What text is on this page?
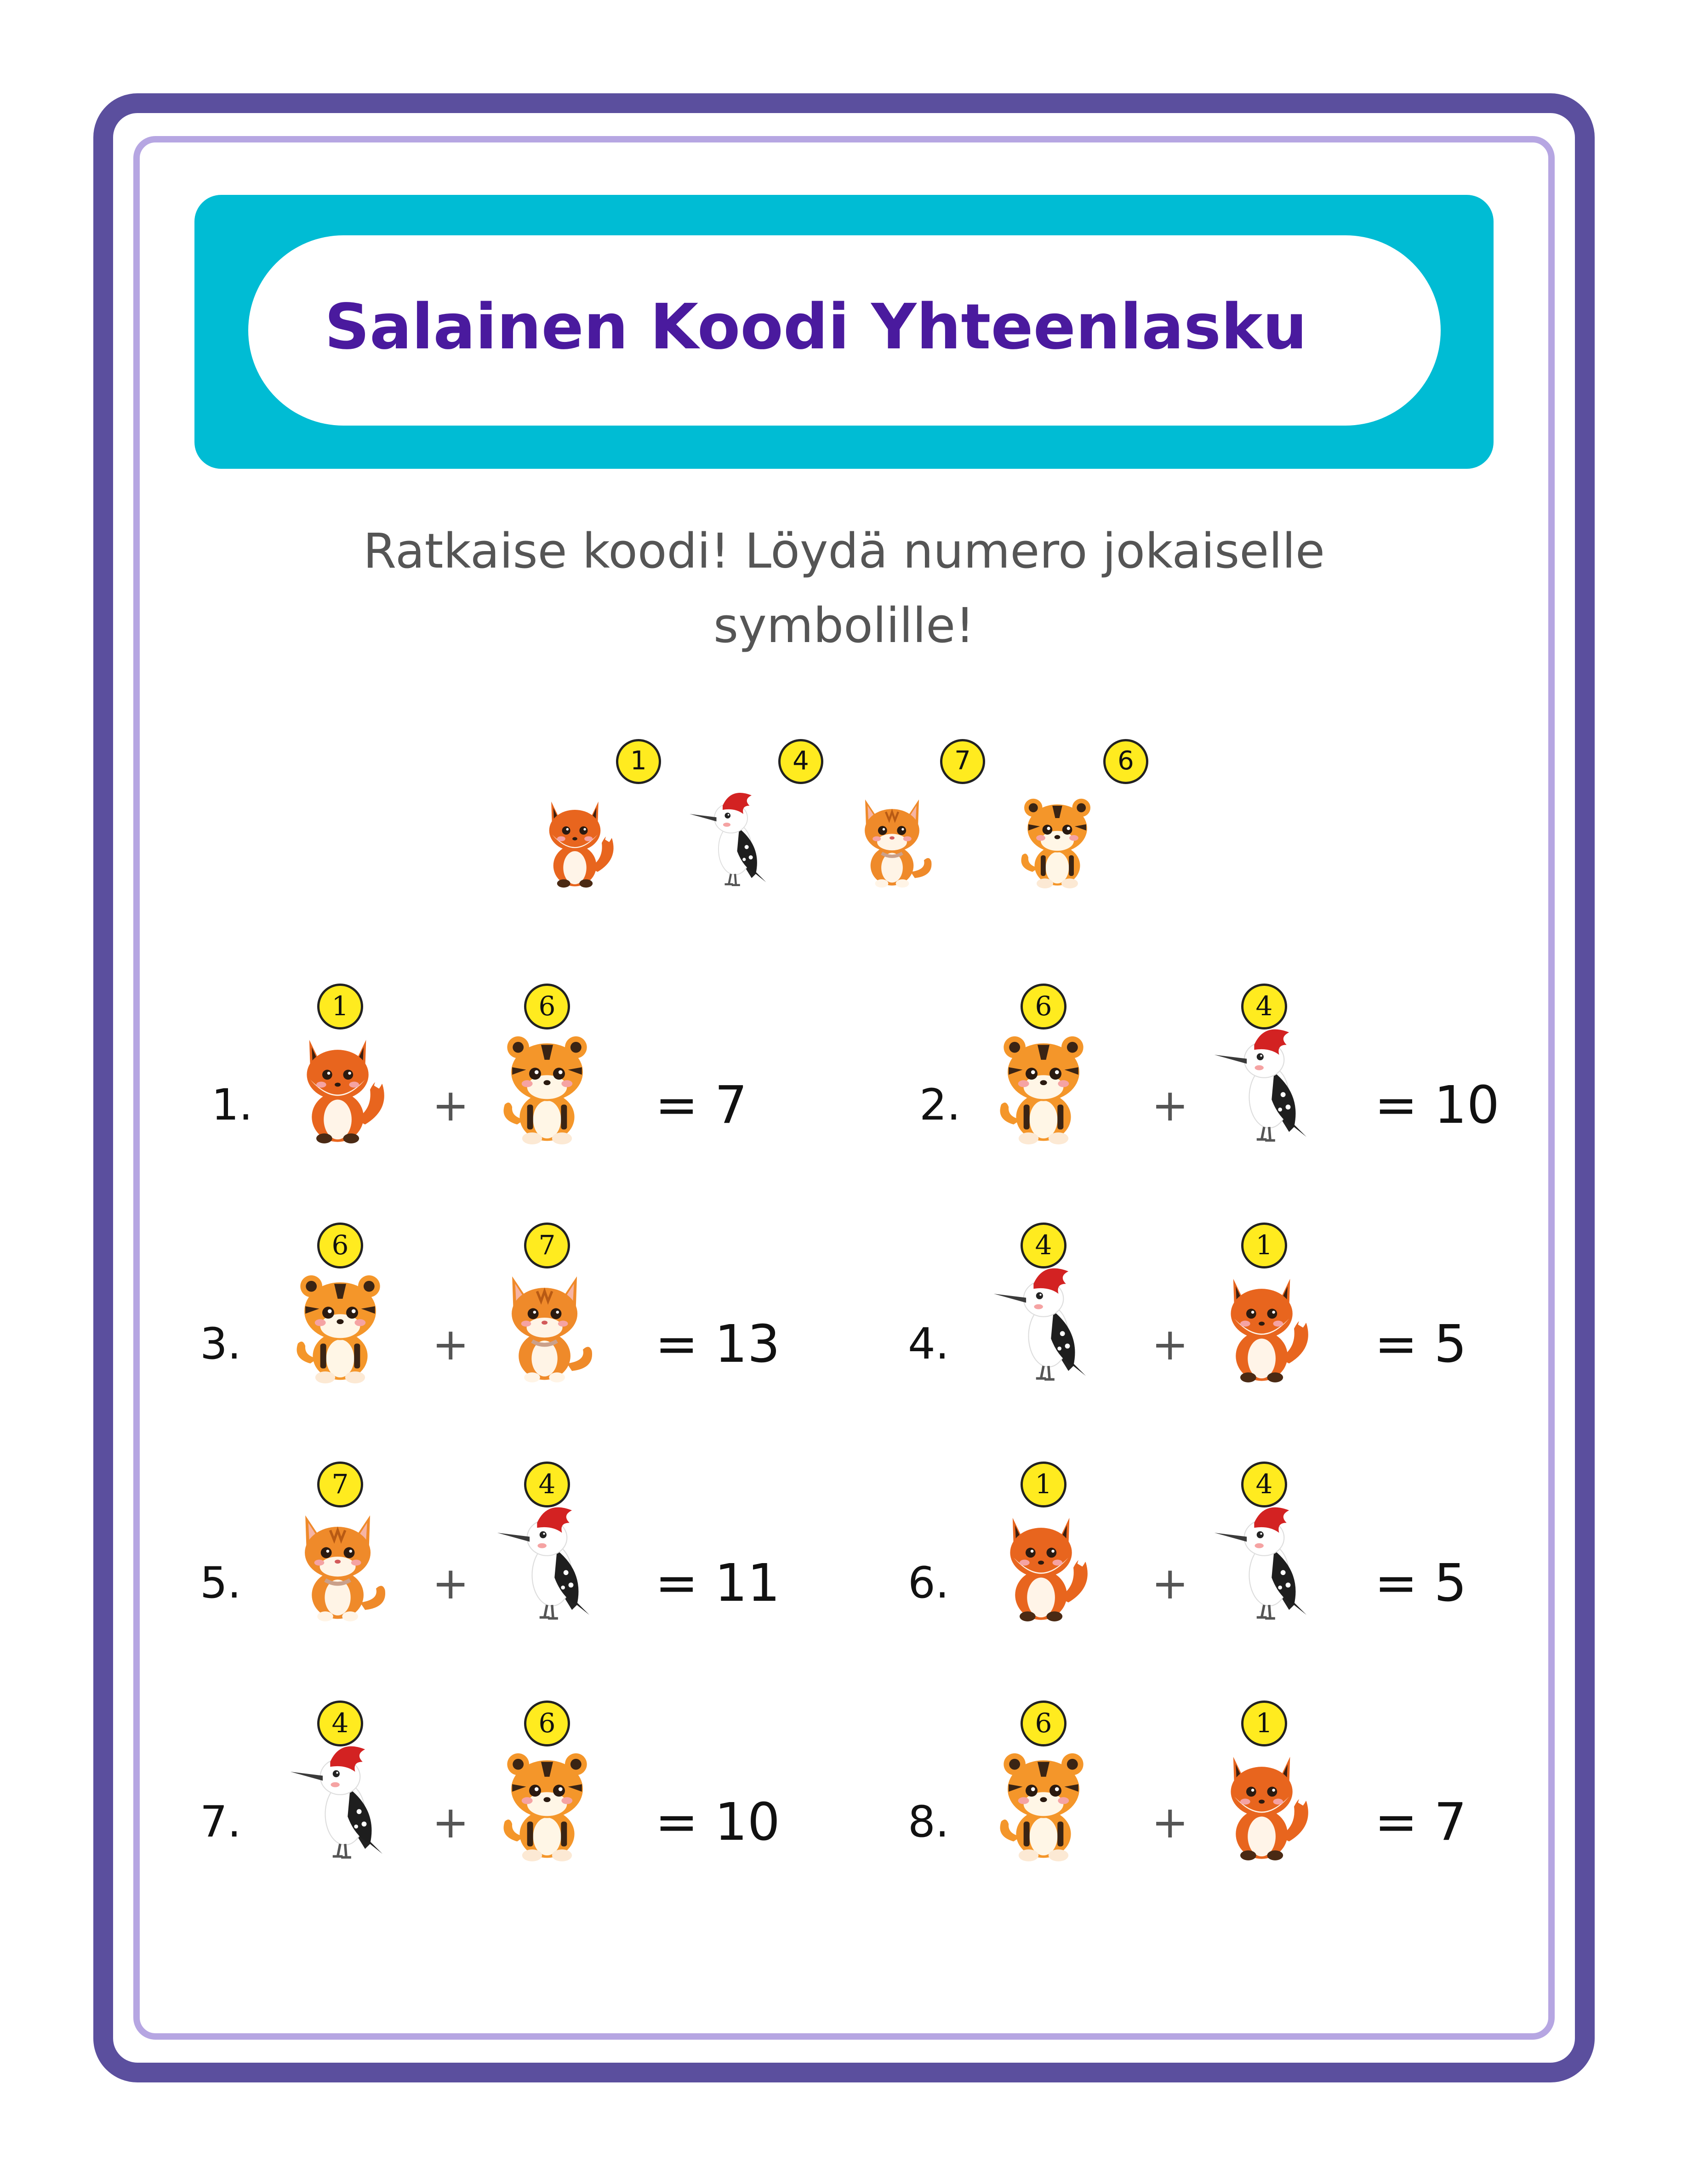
Salainen Koodi Yhteenlasku
Ratkaise koodi! Löydä numero jokaiselle
symbolille!
1	4	7	6
1.
1
+
6
= 7	2.
6
+
4
= 10
3.
6
+
7
= 13	4.
4
+
1
= 5
5.
7
+
4
= 11	6.
1
+
4
= 5
7.
4
+
6
= 10	8.
6
+
1
= 7
